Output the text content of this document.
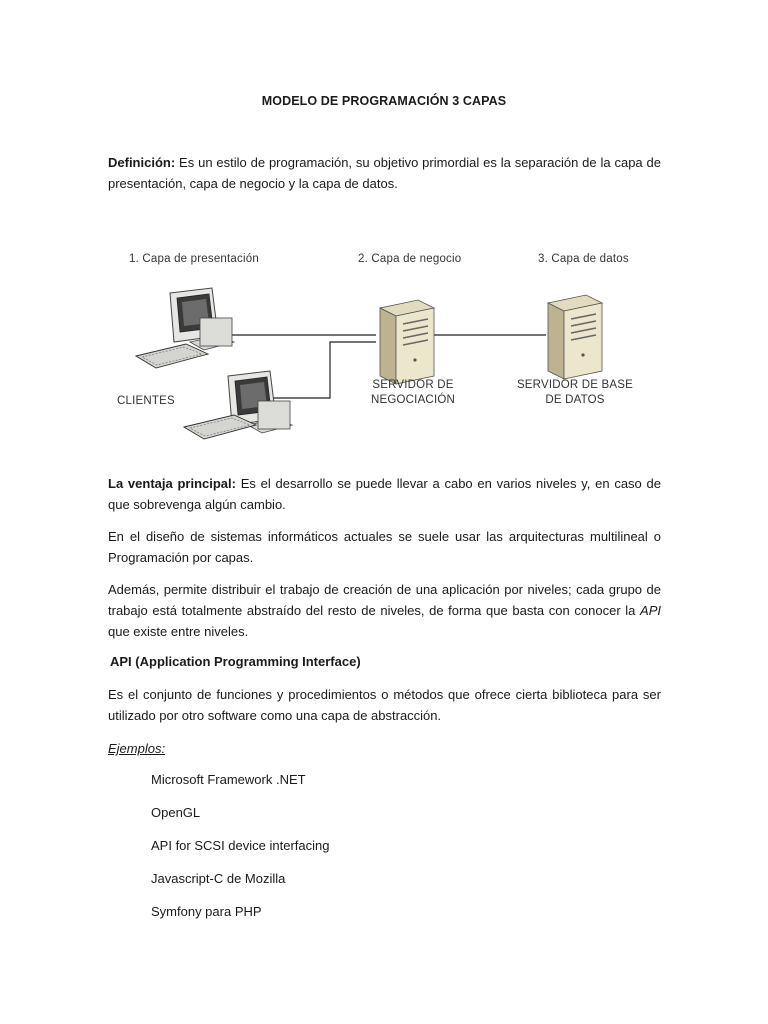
MODELO DE PROGRAMACIÓN 3 CAPAS

Definición: Es un estilo de programación, su objetivo primordial es la separación de la capa de presentación, capa de negocio y la capa de datos.

1. Capa de presentación	2. Capa de negocio	3. Capa de datos
CLIENTES
SERVIDOR DE NEGOCIACIÓN
SERVIDOR DE BASE DE DATOS

La ventaja principal: Es el desarrollo se puede llevar a cabo en varios niveles y, en caso de que sobrevenga algún cambio.

En el diseño de sistemas informáticos actuales se suele usar las arquitecturas multilineal o Programación por capas.

Además, permite distribuir el trabajo de creación de una aplicación por niveles; cada grupo de trabajo está totalmente abstraído del resto de niveles, de forma que basta con conocer la API que existe entre niveles.

API (Application Programming Interface)

Es el conjunto de funciones y procedimientos o métodos que ofrece cierta biblioteca para ser utilizado por otro software como una capa de abstracción.

Ejemplos:
Microsoft Framework .NET
OpenGL
API for SCSI device interfacing
Javascript-C de Mozilla
Symfony para PHP
